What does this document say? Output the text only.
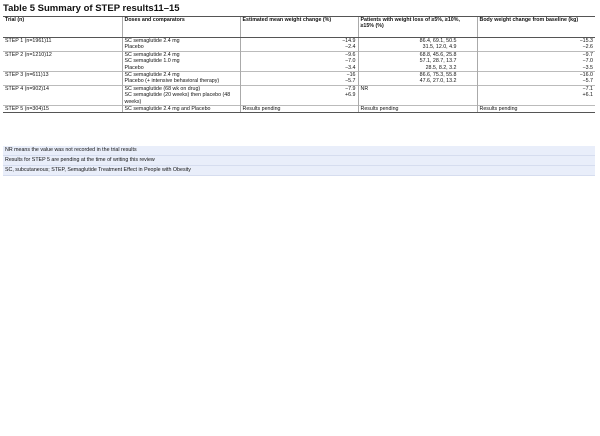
Table 5 Summary of STEP results11–15
Trial (n)	Doses and comparators	Estimated mean weight change (%)	Patients with weight loss of ≥5%, ≥10%, ≥15% (%)	Body weight change from baseline (kg)
STEP 1 (n=1961)11	SC semaglutide 2.4 mg	−14.9	86.4, 69.1, 50.5	−15.3
	Placebo	−2.4	31.5, 12.0, 4.9	−2.6
STEP 2 (n=1210)12	SC semaglutide 2.4 mg	−9.6	68.8, 45.6, 25.8	−9.7
	SC semaglutide 1.0 mg	−7.0	57.1, 28.7, 13.7	−7.0
	Placebo	−3.4	28.5, 8.2, 3.2	−3.5
STEP 3 (n=611)13	SC semaglutide 2.4 mg	−16	86.6, 75.3, 55.8	−16.0
	Placebo (+ intensive behavioral therapy)	−5.7	47.6, 27.0, 13.2	−5.7
STEP 4 (n=902)14	SC semaglutide (68 wk on drug)	−7.9	NR	−7.1
	SC semaglutide (20 weeks) then placebo (48 weeks)	+6.9		+6.1
STEP 5 (n=304)15	SC semaglutide 2.4 mg and Placebo	Results pending	Results pending	Results pending
NR means the value was not recorded in the trial results
Results for STEP 5 are pending at the time of writing this review
SC, subcutaneous; STEP, Semaglutide Treatment Effect in People with Obesity
